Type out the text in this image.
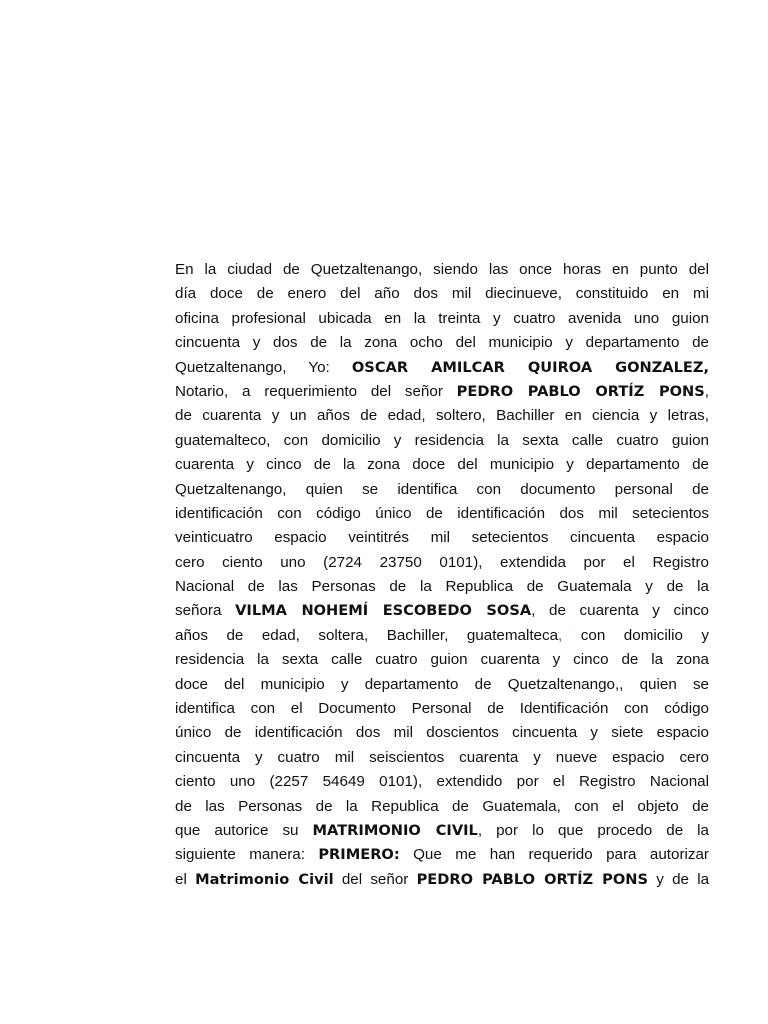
En la ciudad de Quetzaltenango, siendo las once horas en punto del
día doce de enero del año dos mil diecinueve, constituido en mi
oficina profesional ubicada en la treinta y cuatro avenida uno guion
cincuenta y dos de la zona ocho del municipio y departamento de
Quetzaltenango, Yo: OSCAR AMILCAR QUIROA GONZALEZ,
Notario, a requerimiento del señor PEDRO PABLO ORTÍZ PONS,
de cuarenta y un años de edad, soltero, Bachiller en ciencia y letras,
guatemalteco, con domicilio y residencia la sexta calle cuatro guion
cuarenta y cinco de la zona doce del municipio y departamento de
Quetzaltenango, quien se identifica con documento personal de
identificación con código único de identificación dos mil setecientos
veinticuatro espacio veintitrés mil setecientos cincuenta espacio
cero ciento uno (2724 23750 0101), extendida por el Registro
Nacional de las Personas de la Republica de Guatemala y de la
señora VILMA NOHEMÍ ESCOBEDO SOSA, de cuarenta y cinco
años de edad, soltera, Bachiller, guatemalteca, con domicilio y
residencia la sexta calle cuatro guion cuarenta y cinco de la zona
doce del municipio y departamento de Quetzaltenango,, quien se
identifica con el Documento Personal de Identificación con código
único de identificación dos mil doscientos cincuenta y siete espacio
cincuenta y cuatro mil seiscientos cuarenta y nueve espacio cero
ciento uno (2257 54649 0101), extendido por el Registro Nacional
de las Personas de la Republica de Guatemala, con el objeto de
que autorice su MATRIMONIO CIVIL, por lo que procedo de la
siguiente manera: PRIMERO: Que me han requerido para autorizar
el Matrimonio Civil del señor PEDRO PABLO ORTÍZ PONS y de la
